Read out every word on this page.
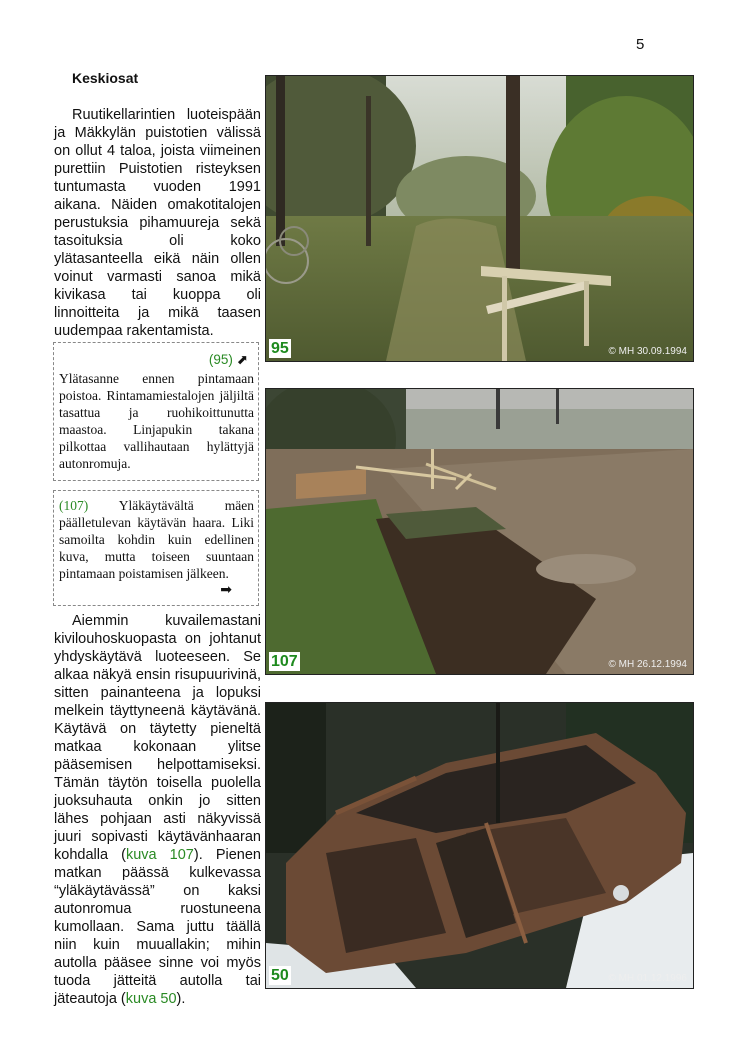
5
Keskiosat
Ruutikellarintien luoteispään ja Mäkkylän puistotien välissä on ollut 4 taloa, joista viimeinen purettiin Puistotien risteyksen tuntumasta vuoden 1991 aikana. Näiden omakotitalojen perustuksia pihamuureja sekä tasoituksia oli koko ylätasanteella eikä näin ollen voinut varmasti sanoa mikä kivikasa tai kuoppa oli linnoitteita ja mikä taasen uudempaa rakentamista.
(95) ⬈
Ylätasanne ennen pintamaan poistoa. Rintamamiestalojen jäljiltä tasattua ja ruohikoittunutta maastoa. Linjapukin takana pilkottaa vallihautaan hylättyjä autonromuja.
(107) Yläkäytävältä mäen päälletulevan käytävän haara. Liki samoilta kohdin kuin edellinen kuva, mutta toiseen suuntaan pintamaan poistamisen jälkeen.
➡
Aiemmin kuvailemastani kivilouhoskuopasta on johtanut yhdyskäytävä luoteeseen. Se alkaa näkyä ensin risupuurivinä, sitten painanteena ja lopuksi melkein täyttyneenä käytävänä. Käytävä on täytetty pieneltä matkaa kokonaan ylitse pääsemisen helpottamiseksi. Tämän täytön toisella puolella juoksuhauta onkin jo sitten lähes pohjaan asti näkyvissä juuri sopivasti käytävänhaaran kohdalla (kuva 107). Pienen matkan päässä kulkevassa “yläkäytävässä” on kaksi autonromua ruostuneena kumollaan. Sama juttu täällä niin kuin muuallakin; mihin autolla pääsee sinne voi myös tuoda jätteitä autolla tai jäteautoja (kuva 50).
95	© MH 30.09.1994
107	© MH 26.12.1994
50	© MH 01.12.1996
